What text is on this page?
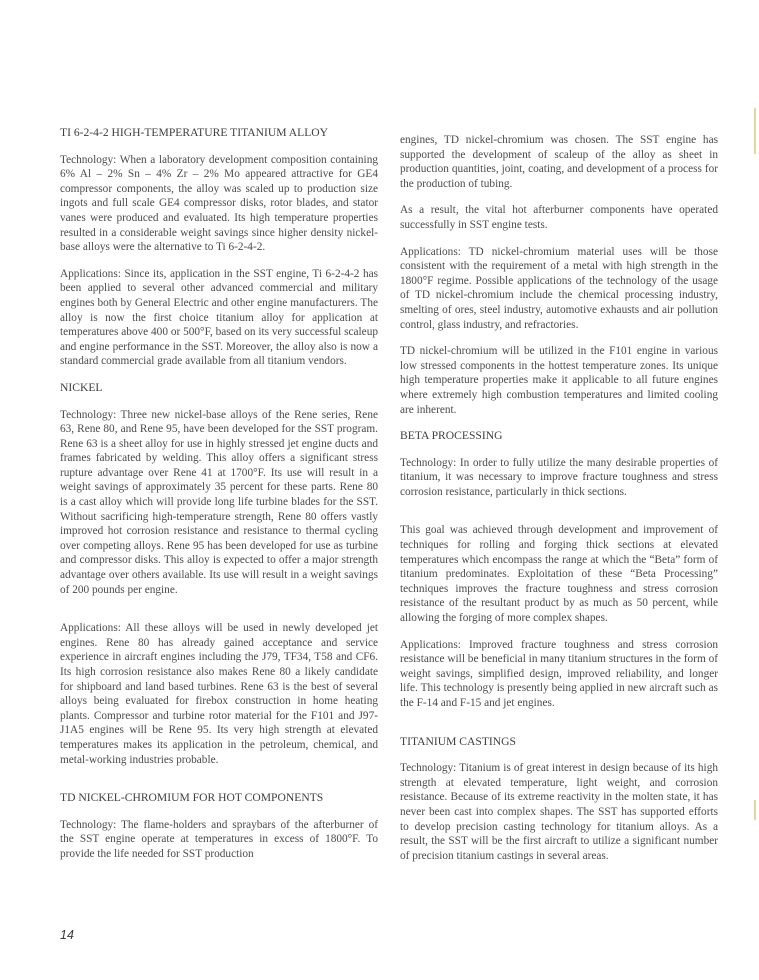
TI 6-2-4-2 HIGH-TEMPERATURE TITANIUM ALLOY

Technology: When a laboratory development composition containing 6% Al – 2% Sn – 4% Zr – 2% Mo appeared attractive for GE4 compressor components, the alloy was scaled up to production size ingots and full scale GE4 compressor disks, rotor blades, and stator vanes were produced and evaluated. Its high temperature properties resulted in a considerable weight savings since higher density nickel-base alloys were the alternative to Ti 6-2-4-2.

Applications: Since its, application in the SST engine, Ti 6-2-4-2 has been applied to several other advanced commercial and military engines both by General Electric and other engine manufacturers. The alloy is now the first choice titanium alloy for application at temperatures above 400 or 500°F, based on its very successful scaleup and engine performance in the SST. Moreover, the alloy also is now a standard commercial grade available from all titanium vendors.

NICKEL

Technology: Three new nickel-base alloys of the Rene series, Rene 63, Rene 80, and Rene 95, have been developed for the SST program. Rene 63 is a sheet alloy for use in highly stressed jet engine ducts and frames fabricated by welding. This alloy offers a significant stress rupture advantage over Rene 41 at 1700°F. Its use will result in a weight savings of approximately 35 percent for these parts. Rene 80 is a cast alloy which will provide long life turbine blades for the SST. Without sacrificing high-temperature strength, Rene 80 offers vastly improved hot corrosion resistance and resistance to thermal cycling over competing alloys. Rene 95 has been developed for use as turbine and compressor disks. This alloy is expected to offer a major strength advantage over others available. Its use will result in a weight savings of 200 pounds per engine.

Applications: All these alloys will be used in newly developed jet engines. Rene 80 has already gained acceptance and service experience in aircraft engines including the J79, TF34, T58 and CF6. Its high corrosion resistance also makes Rene 80 a likely candidate for shipboard and land based turbines. Rene 63 is the best of several alloys being evaluated for firebox construction in home heating plants. Compressor and turbine rotor material for the F101 and J97-J1A5 engines will be Rene 95. Its very high strength at elevated temperatures makes its application in the petroleum, chemical, and metal-working industries probable.

TD NICKEL-CHROMIUM FOR HOT COMPONENTS

Technology: The flame-holders and spraybars of the afterburner of the SST engine operate at temperatures in excess of 1800°F. To provide the life needed for SST production

engines, TD nickel-chromium was chosen. The SST engine has supported the development of scaleup of the alloy as sheet in production quantities, joint, coating, and development of a process for the production of tubing.

As a result, the vital hot afterburner components have operated successfully in SST engine tests.

Applications: TD nickel-chromium material uses will be those consistent with the requirement of a metal with high strength in the 1800°F regime. Possible applications of the technology of the usage of TD nickel-chromium include the chemical processing industry, smelting of ores, steel industry, automotive exhausts and air pollution control, glass industry, and refractories.

TD nickel-chromium will be utilized in the F101 engine in various low stressed components in the hottest temperature zones. Its unique high temperature properties make it applicable to all future engines where extremely high combustion temperatures and limited cooling are inherent.

BETA PROCESSING

Technology: In order to fully utilize the many desirable properties of titanium, it was necessary to improve fracture toughness and stress corrosion resistance, particularly in thick sections.

This goal was achieved through development and improvement of techniques for rolling and forging thick sections at elevated temperatures which encompass the range at which the “Beta” form of titanium predominates. Exploitation of these “Beta Processing” techniques improves the fracture toughness and stress corrosion resistance of the resultant product by as much as 50 percent, while allowing the forging of more complex shapes.

Applications: Improved fracture toughness and stress corrosion resistance will be beneficial in many titanium structures in the form of weight savings, simplified design, improved reliability, and longer life. This technology is presently being applied in new aircraft such as the F-14 and F-15 and jet engines.

TITANIUM CASTINGS

Technology: Titanium is of great interest in design because of its high strength at elevated temperature, light weight, and corrosion resistance. Because of its extreme reactivity in the molten state, it has never been cast into complex shapes. The SST has supported efforts to develop precision casting technology for titanium alloys. As a result, the SST will be the first aircraft to utilize a significant number of precision titanium castings in several areas.

14
